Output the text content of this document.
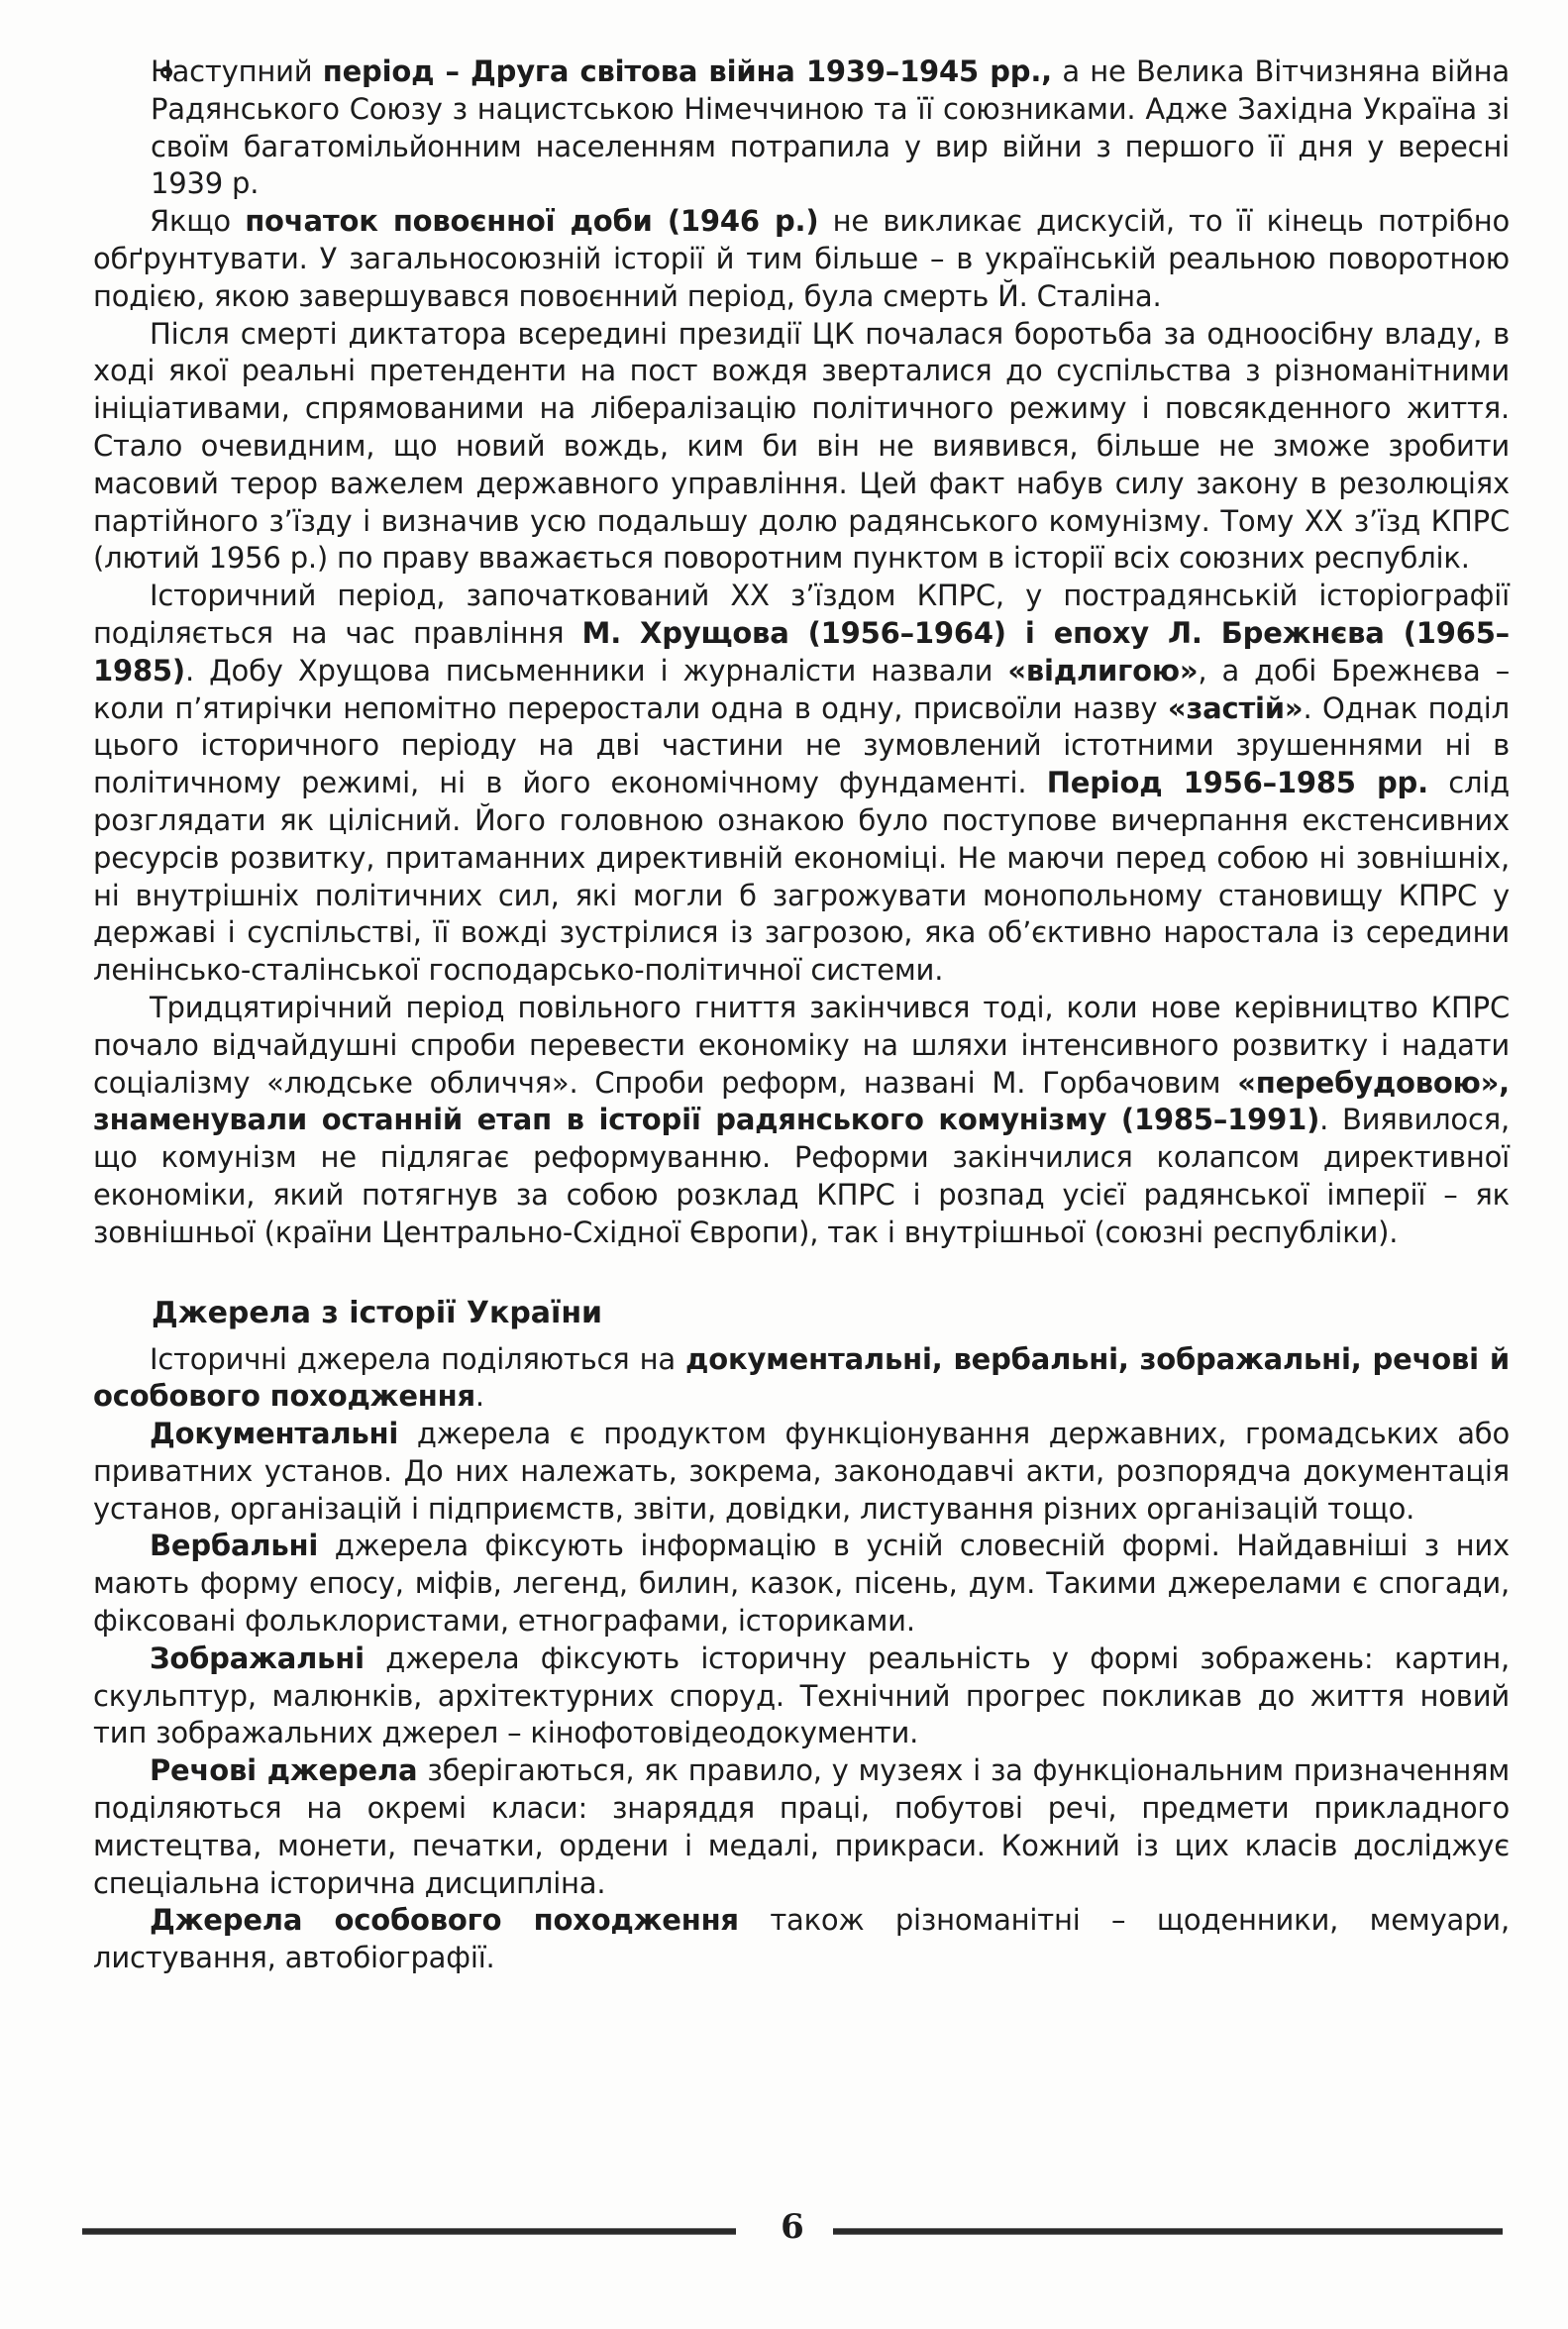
Наступний період – Друга світова війна 1939–1945 рр., а не Велика Вітчизняна війна Радянського Союзу з нацистською Німеччиною та її союзниками. Адже Західна Україна зі своїм багатомільйонним населенням потрапила у вир війни з першого її дня у вересні 1939 р.

Якщо початок повоєнної доби (1946 р.) не викликає дискусій, то її кінець потрібно обґрунтувати. У загальносоюзній історії й тим більше – в українській реальною поворотною подією, якою завершувався повоєнний період, була смерть Й. Сталіна.

Після смерті диктатора всередині президії ЦК почалася боротьба за одноосібну владу, в ході якої реальні претенденти на пост вождя зверталися до суспільства з різноманітними ініціативами, спрямованими на лібералізацію політичного режиму і повсякденного життя. Стало очевидним, що новий вождь, ким би він не виявився, більше не зможе зробити масовий терор важелем державного управління. Цей факт набув силу закону в резолюціях партійного з’їзду і визначив усю подальшу долю радянського комунізму. Тому XX з’їзд КПРС (лютий 1956 р.) по праву вважається поворотним пунктом в історії всіх союзних республік.

Історичний період, започаткований XX з’їздом КПРС, у пострадянській історіографії поділяється на час правління М. Хрущова (1956–1964) і епоху Л. Брежнєва (1965–1985). Добу Хрущова письменники і журналісти назвали «відлигою», а добі Брежнєва – коли п’ятирічки непомітно переростали одна в одну, присвоїли назву «застій». Однак поділ цього історичного періоду на дві частини не зумовлений істотними зрушеннями ні в політичному режимі, ні в його економічному фундаменті. Період 1956–1985 рр. слід розглядати як цілісний. Його головною ознакою було поступове вичерпання екстенсивних ресурсів розвитку, притаманних директивній економіці. Не маючи перед собою ні зовнішніх, ні внутрішніх політичних сил, які могли б загрожувати монопольному становищу КПРС у державі і суспільстві, її вожді зустрілися із загрозою, яка об’єктивно наростала із середини ленінсько-сталінської господарсько-політичної системи.

Тридцятирічний період повільного гниття закінчився тоді, коли нове керівництво КПРС почало відчайдушні спроби перевести економіку на шляхи інтенсивного розвитку і надати соціалізму «людське обличчя». Спроби реформ, названі М. Горбачовим «перебудовою», знаменували останній етап в історії радянського комунізму (1985–1991). Виявилося, що комунізм не підлягає реформуванню. Реформи закінчилися колапсом директивної економіки, який потягнув за собою розклад КПРС і розпад усієї радянської імперії – як зовнішньої (країни Центрально-Східної Європи), так і внутрішньої (союзні республіки).

Джерела з історії України

Історичні джерела поділяються на документальні, вербальні, зображальні, речові й особового походження.

Документальні джерела є продуктом функціонування державних, громадських або приватних установ. До них належать, зокрема, законодавчі акти, розпорядча документація установ, організацій і підприємств, звіти, довідки, листування різних організацій тощо.

Вербальні джерела фіксують інформацію в усній словесній формі. Найдавніші з них мають форму епосу, міфів, легенд, билин, казок, пісень, дум. Такими джерелами є спогади, фіксовані фольклористами, етнографами, істориками.

Зображальні джерела фіксують історичну реальність у формі зображень: картин, скульптур, малюнків, архітектурних споруд. Технічний прогрес покликав до життя новий тип зображальних джерел – кінофотовідеодокументи.

Речові джерела зберігаються, як правило, у музеях і за функціональним призначенням поділяються на окремі класи: знаряддя праці, побутові речі, предмети прикладного мистецтва, монети, печатки, ордени і медалі, прикраси. Кожний із цих класів досліджує спеціальна історична дисципліна.

Джерела особового походження також різноманітні – щоденники, мемуари, листування, автобіографії.

6
